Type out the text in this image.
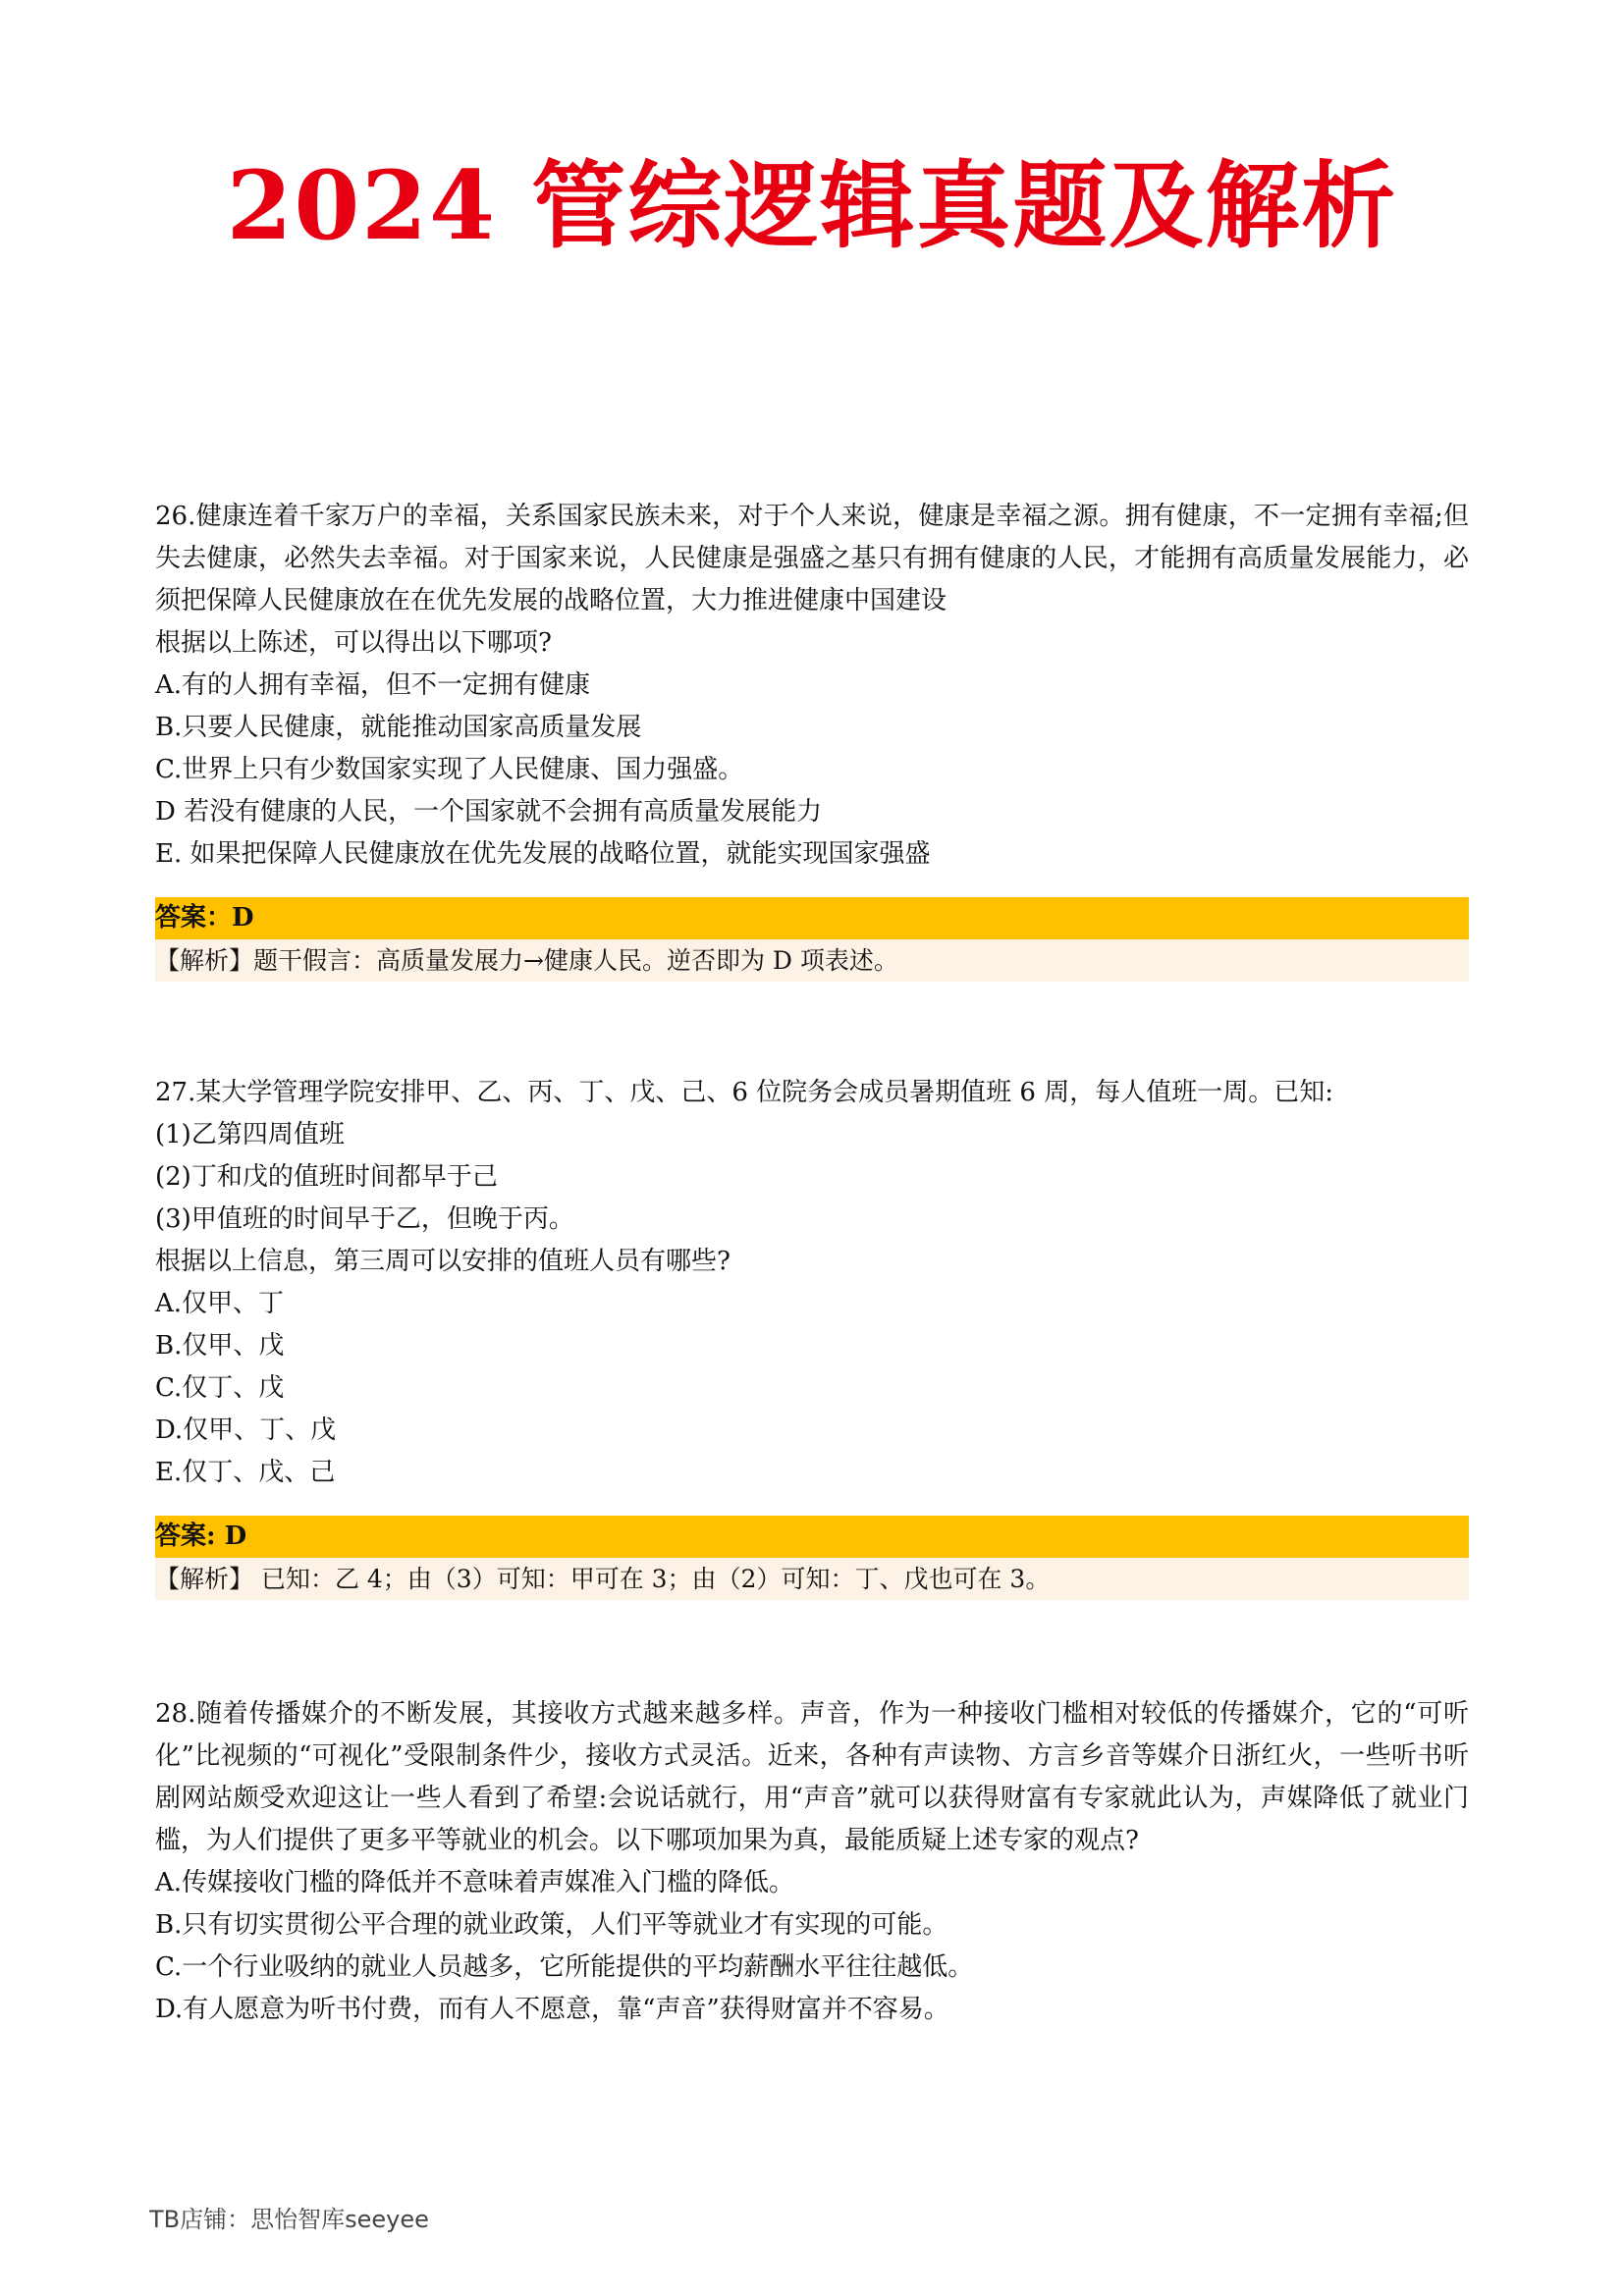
2024 管综逻辑真题及解析

26.健康连着千家万户的幸福，关系国家民族未来，对于个人来说，健康是幸福之源。拥有健康，不一定拥有幸福;但失去健康，必然失去幸福。对于国家来说，人民健康是强盛之基只有拥有健康的人民，才能拥有高质量发展能力，必须把保障人民健康放在在优先发展的战略位置，大力推进健康中国建设

根据以上陈述，可以得出以下哪项?

A.有的人拥有幸福，但不一定拥有健康
B.只要人民健康，就能推动国家高质量发展
C.世界上只有少数国家实现了人民健康、国力强盛。
D 若没有健康的人民，一个国家就不会拥有高质量发展能力
E. 如果把保障人民健康放在优先发展的战略位置，就能实现国家强盛
答案：D
【解析】题干假言：高质量发展力→健康人民。逆否即为 D 项表述。

27.某大学管理学院安排甲、乙、丙、丁、戊、己、6 位院务会成员暑期值班 6 周，每人值班一周。已知:

(1)乙第四周值班

(2)丁和戊的值班时间都早于己

(3)甲值班的时间早于乙，但晚于丙。

根据以上信息，第三周可以安排的值班人员有哪些?

A.仅甲、丁
B.仅甲、戊
C.仅丁、戊
D.仅甲、丁、戊
E.仅丁、戊、己
答案: D
【解析】 已知：乙 4；由（3）可知：甲可在 3；由（2）可知：丁、戊也可在 3。

28.随着传播媒介的不断发展，其接收方式越来越多样。声音，作为一种接收门槛相对较低的传播媒介，它的“可听化”比视频的“可视化”受限制条件少，接收方式灵活。近来，各种有声读物、方言乡音等媒介日浙红火，一些听书听剧网站颇受欢迎这让一些人看到了希望:会说话就行，用“声音”就可以获得财富有专家就此认为，声媒降低了就业门槛，为人们提供了更多平等就业的机会。以下哪项加果为真，最能质疑上述专家的观点?

A.传媒接收门槛的降低并不意味着声媒准入门槛的降低。
B.只有切实贯彻公平合理的就业政策，人们平等就业才有实现的可能。
C.一个行业吸纳的就业人员越多，它所能提供的平均薪酬水平往往越低。
D.有人愿意为听书付费，而有人不愿意，靠“声音”获得财富并不容易。
TB店铺：思怡智库seeyee
